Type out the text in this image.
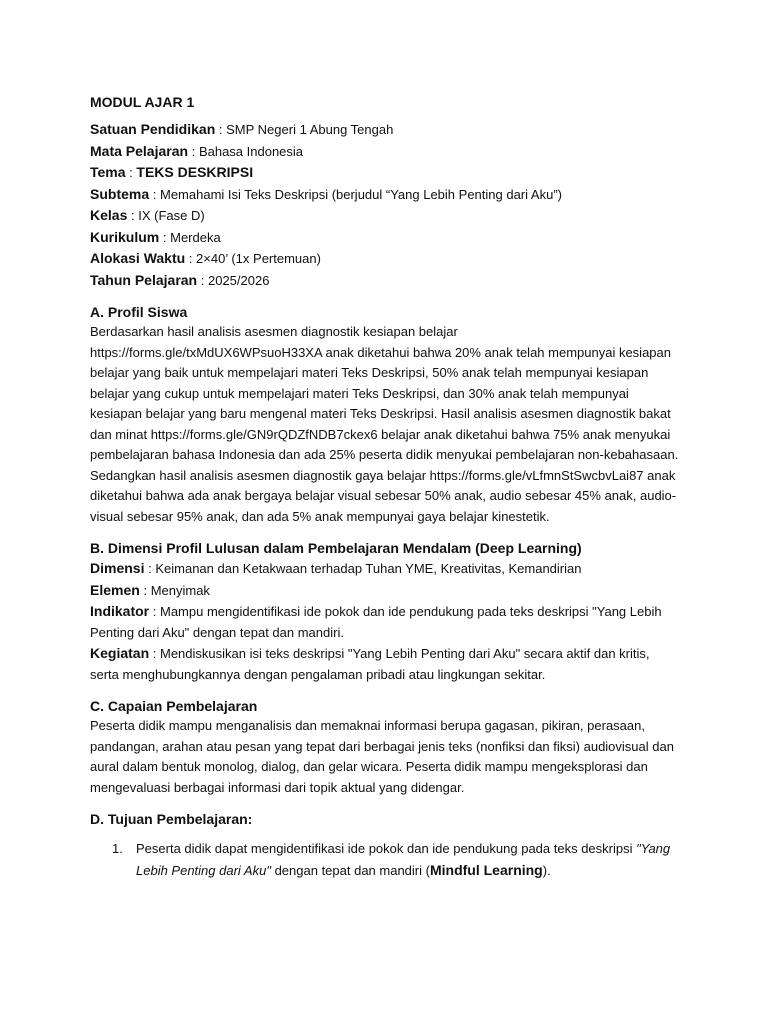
MODUL AJAR 1
Satuan Pendidikan : SMP Negeri 1 Abung Tengah
Mata Pelajaran : Bahasa Indonesia
Tema : TEKS DESKRIPSI
Subtema : Memahami Isi Teks Deskripsi (berjudul “Yang Lebih Penting dari Aku”)
Kelas : IX (Fase D)
Kurikulum : Merdeka
Alokasi Waktu : 2×40’ (1x Pertemuan)
Tahun Pelajaran : 2025/2026
A. Profil Siswa

Berdasarkan hasil analisis asesmen diagnostik kesiapan belajar https://forms.gle/txMdUX6WPsuoH33XA anak diketahui bahwa 20% anak telah mempunyai kesiapan belajar yang baik untuk mempelajari materi Teks Deskripsi, 50% anak telah mempunyai kesiapan belajar yang cukup untuk mempelajari materi Teks Deskripsi, dan 30% anak telah mempunyai kesiapan belajar yang baru mengenal materi Teks Deskripsi. Hasil analisis asesmen diagnostik bakat dan minat https://forms.gle/GN9rQDZfNDB7ckex6 belajar anak diketahui bahwa 75% anak menyukai pembelajaran bahasa Indonesia dan ada 25% peserta didik menyukai pembelajaran non-kebahasaan. Sedangkan hasil analisis asesmen diagnostik gaya belajar https://forms.gle/vLfmnStSwcbvLai87 anak diketahui bahwa ada anak bergaya belajar visual sebesar 50% anak, audio sebesar 45% anak, audio-visual sebesar 95% anak, dan ada 5% anak mempunyai gaya belajar kinestetik.

B. Dimensi Profil Lulusan dalam Pembelajaran Mendalam (Deep Learning)

Dimensi : Keimanan dan Ketakwaan terhadap Tuhan YME, Kreativitas, Kemandirian

Elemen : Menyimak

Indikator : Mampu mengidentifikasi ide pokok dan ide pendukung pada teks deskripsi "Yang Lebih Penting dari Aku" dengan tepat dan mandiri.

Kegiatan : Mendiskusikan isi teks deskripsi "Yang Lebih Penting dari Aku" secara aktif dan kritis, serta menghubungkannya dengan pengalaman pribadi atau lingkungan sekitar.

C. Capaian Pembelajaran

Peserta didik mampu menganalisis dan memaknai informasi berupa gagasan, pikiran, perasaan, pandangan, arahan atau pesan yang tepat dari berbagai jenis teks (nonfiksi dan fiksi) audiovisual dan aural dalam bentuk monolog, dialog, dan gelar wicara. Peserta didik mampu mengeksplorasi dan mengevaluasi berbagai informasi dari topik aktual yang didengar.

D. Tujuan Pembelajaran:
1. Peserta didik dapat mengidentifikasi ide pokok dan ide pendukung pada teks deskripsi "Yang Lebih Penting dari Aku" dengan tepat dan mandiri (Mindful Learning).
